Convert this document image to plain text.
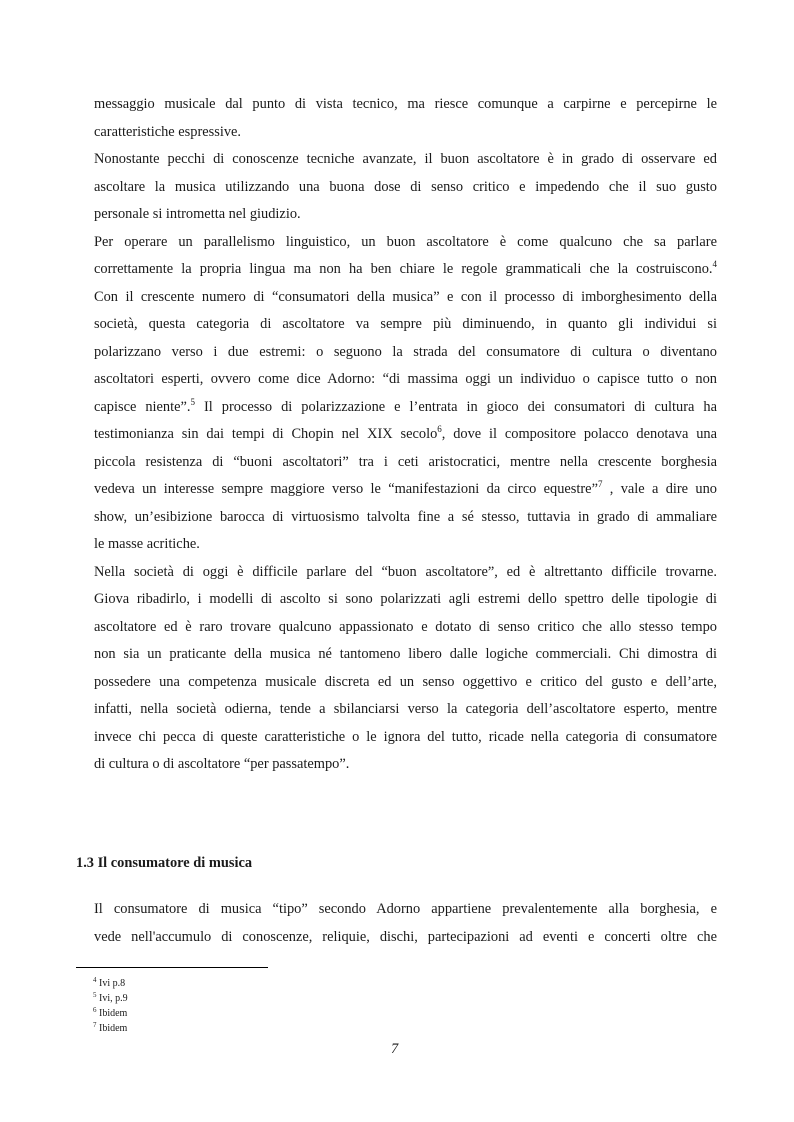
messaggio musicale dal punto di vista tecnico, ma riesce comunque a carpirne e percepirne le
caratteristiche espressive.
Nonostante pecchi di conoscenze tecniche avanzate, il buon ascoltatore è in grado di osservare ed
ascoltare la musica utilizzando una buona dose di senso critico e impedendo che il suo gusto
personale si intrometta nel giudizio.
Per operare un parallelismo linguistico, un buon ascoltatore è come qualcuno che sa parlare
correttamente la propria lingua ma non ha ben chiare le regole grammaticali che la costruiscono.$^4$
Con il crescente numero di “consumatori della musica” e con il processo di imborghesimento della
società, questa categoria di ascoltatore va sempre più diminuendo, in quanto gli individui si
polarizzano verso i due estremi: o seguono la strada del consumatore di cultura o diventano
ascoltatori esperti, ovvero come dice Adorno: “di massima oggi un individuo o capisce tutto o non
capisce niente”.$^5$ Il processo di polarizzazione e l’entrata in gioco dei consumatori di cultura ha
testimonianza sin dai tempi di Chopin nel XIX secolo$^6$, dove il compositore polacco denotava una
piccola resistenza di “buoni ascoltatori” tra i ceti aristocratici, mentre nella crescente borghesia
vedeva un interesse sempre maggiore verso le “manifestazioni da circo equestre”$^7$ , vale a dire uno
show, un’esibizione barocca di virtuosismo talvolta fine a sé stesso, tuttavia in grado di ammaliare
le masse acritiche.
Nella società di oggi è difficile parlare del “buon ascoltatore”, ed è altrettanto difficile trovarne.
Giova ribadirlo, i modelli di ascolto si sono polarizzati agli estremi dello spettro delle tipologie di
ascoltatore ed è raro trovare qualcuno appassionato e dotato di senso critico che allo stesso tempo
non sia un praticante della musica né tantomeno libero dalle logiche commerciali. Chi dimostra di
possedere una competenza musicale discreta ed un senso oggettivo e critico del gusto e dell’arte,
infatti, nella società odierna, tende a sbilanciarsi verso la categoria dell’ascoltatore esperto, mentre
invece chi pecca di queste caratteristiche o le ignora del tutto, ricade nella categoria di consumatore
di cultura o di ascoltatore “per passatempo”.
1.3 Il consumatore di musica
Il consumatore di musica “tipo” secondo Adorno appartiene prevalentemente alla borghesia, e
vede nell'accumulo di conoscenze, reliquie, dischi, partecipazioni ad eventi e concerti oltre che
$^4$ Ivi p.8
$^5$ Ivi, p.9
$^6$ Ibidem
$^7$ Ibidem
7
